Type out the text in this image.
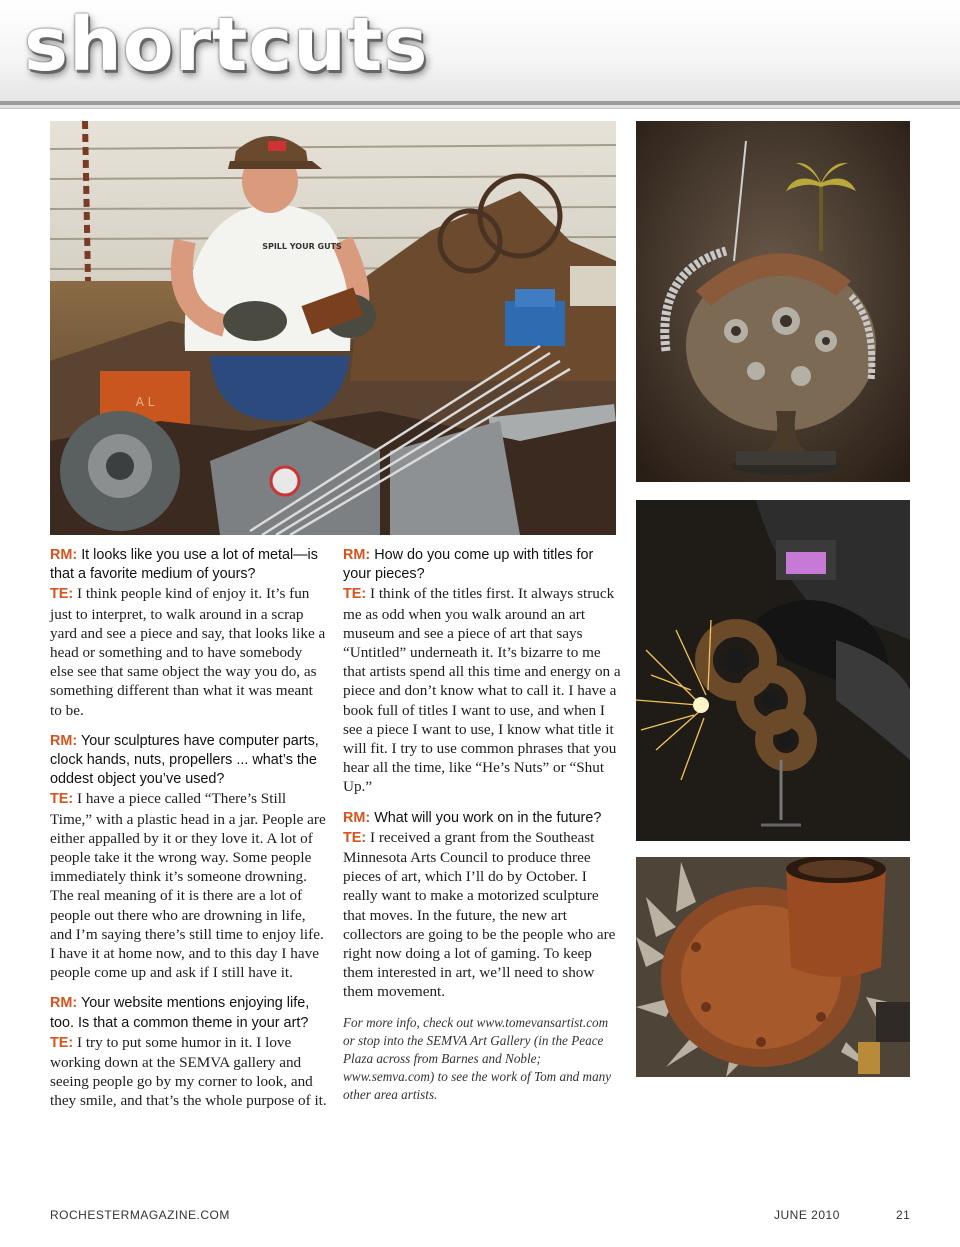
shortcuts
A L
SPILL YOUR GUTS

RM: It looks like you use a lot of metal—is that a favorite medium of yours?

TE: I think people kind of enjoy it. It’s fun just to interpret, to walk around in a scrap yard and see a piece and say, that looks like a head or something and to have somebody else see that same object the way you do, as something different than what it was meant to be.

RM: Your sculptures have computer parts, clock hands, nuts, propellers ... what’s the oddest object you’ve used?

TE: I have a piece called “There’s Still Time,” with a plastic head in a jar. People are either appalled by it or they love it. A lot of people take it the wrong way. Some people immediately think it’s someone drowning. The real meaning of it is there are a lot of people out there who are drowning in life, and I’m saying there’s still time to enjoy life. I have it at home now, and to this day I have people come up and ask if I still have it.

RM: Your website mentions enjoying life, too. Is that a common theme in your art?

TE: I try to put some humor in it. I love working down at the SEMVA gallery and seeing people go by my corner to look, and they smile, and that’s the whole purpose of it.

RM: How do you come up with titles for your pieces?

TE: I think of the titles first. It always struck me as odd when you walk around an art museum and see a piece of art that says “Untitled” underneath it. It’s bizarre to me that artists spend all this time and energy on a piece and don’t know what to call it. I have a book full of titles I want to use, and when I see a piece I want to use, I know what title it will fit. I try to use common phrases that you hear all the time, like “He’s Nuts” or “Shut Up.”

RM: What will you work on in the future?

TE: I received a grant from the Southeast Minnesota Arts Council to produce three pieces of art, which I’ll do by October. I really want to make a motorized sculpture that moves. In the future, the new art collectors are going to be the people who are right now doing a lot of gaming. To keep them interested in art, we’ll need to show them movement.

For more info, check out www.tomevansartist.com or stop into the SEMVA Art Gallery (in the Peace Plaza across from Barnes and Noble; www.semva.com) to see the work of Tom and many other area artists.

ROCHESTERMAGAZINE.COM	JUNE 2010	21
